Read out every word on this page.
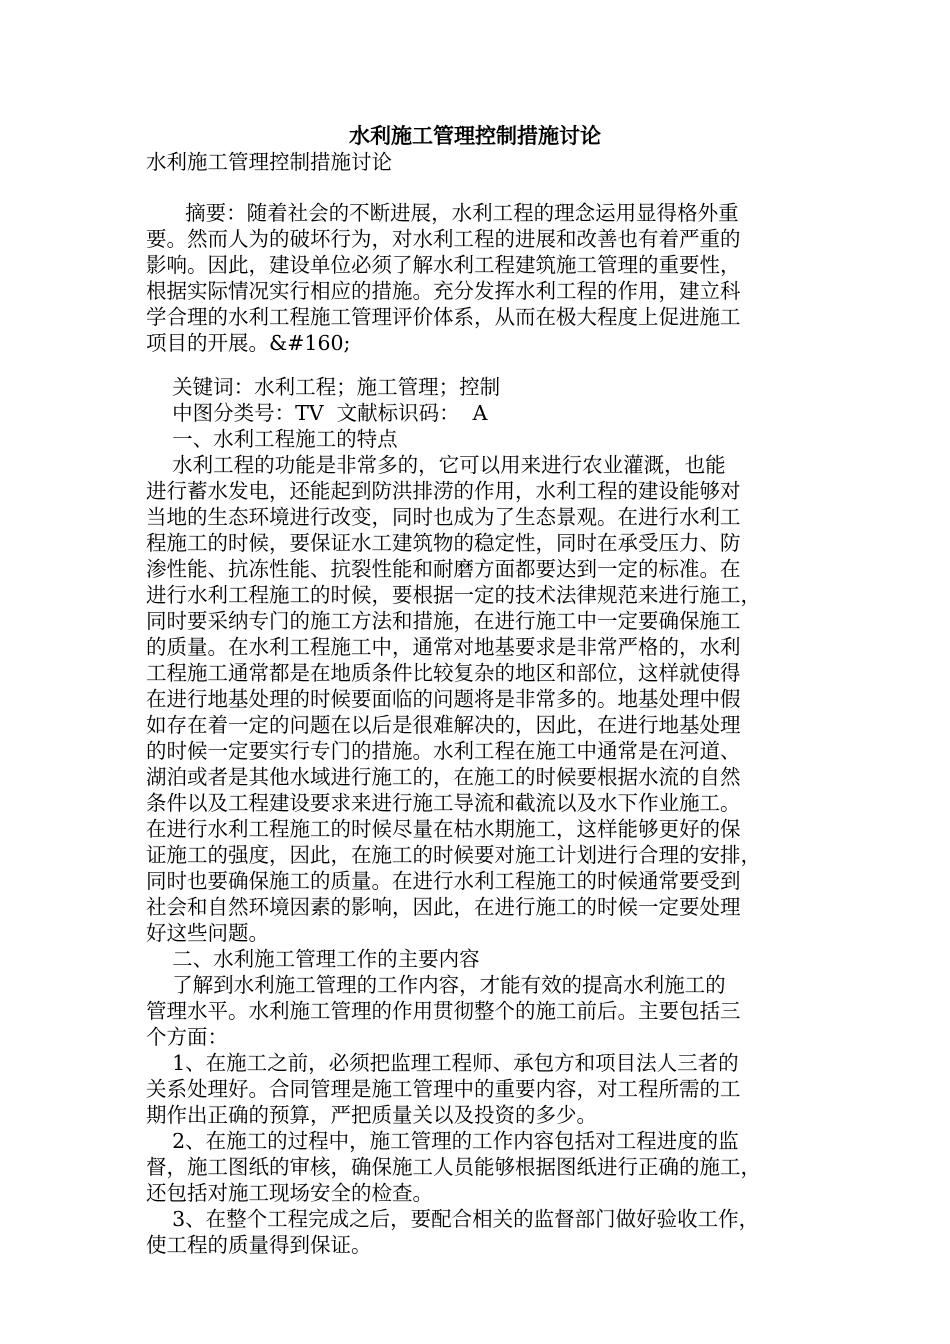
水利施工管理控制措施讨论
水利施工管理控制措施讨论
摘要：随着社会的不断进展，水利工程的理念运用显得格外重
要。然而人为的破坏行为，对水利工程的进展和改善也有着严重的
影响。因此，建设单位必须了解水利工程建筑施工管理的重要性，
根据实际情况实行相应的措施。充分发挥水利工程的作用，建立科
学合理的水利工程施工管理评价体系，从而在极大程度上促进施工
项目的开展。&#160;
关键词：水利工程；施工管理；控制
中图分类号：TV  文献标识码：  A
一、水利工程施工的特点
水利工程的功能是非常多的，它可以用来进行农业灌溉，也能
进行蓄水发电，还能起到防洪排涝的作用，水利工程的建设能够对
当地的生态环境进行改变，同时也成为了生态景观。在进行水利工
程施工的时候，要保证水工建筑物的稳定性，同时在承受压力、防
渗性能、抗冻性能、抗裂性能和耐磨方面都要达到一定的标准。在
进行水利工程施工的时候，要根据一定的技术法律规范来进行施工，
同时要采纳专门的施工方法和措施，在进行施工中一定要确保施工
的质量。在水利工程施工中，通常对地基要求是非常严格的，水利
工程施工通常都是在地质条件比较复杂的地区和部位，这样就使得
在进行地基处理的时候要面临的问题将是非常多的。地基处理中假
如存在着一定的问题在以后是很难解决的，因此，在进行地基处理
的时候一定要实行专门的措施。水利工程在施工中通常是在河道、
湖泊或者是其他水域进行施工的，在施工的时候要根据水流的自然
条件以及工程建设要求来进行施工导流和截流以及水下作业施工。
在进行水利工程施工的时候尽量在枯水期施工，这样能够更好的保
证施工的强度，因此，在施工的时候要对施工计划进行合理的安排，
同时也要确保施工的质量。在进行水利工程施工的时候通常要受到
社会和自然环境因素的影响，因此，在进行施工的时候一定要处理
好这些问题。
二、水利施工管理工作的主要内容
了解到水利施工管理的工作内容，才能有效的提高水利施工的
管理水平。水利施工管理的作用贯彻整个的施工前后。主要包括三
个方面：
1、在施工之前，必须把监理工程师、承包方和项目法人三者的
关系处理好。合同管理是施工管理中的重要内容，对工程所需的工
期作出正确的预算，严把质量关以及投资的多少。
2、在施工的过程中，施工管理的工作内容包括对工程进度的监
督，施工图纸的审核，确保施工人员能够根据图纸进行正确的施工，
还包括对施工现场安全的检查。
3、在整个工程完成之后，要配合相关的监督部门做好验收工作，
使工程的质量得到保证。
